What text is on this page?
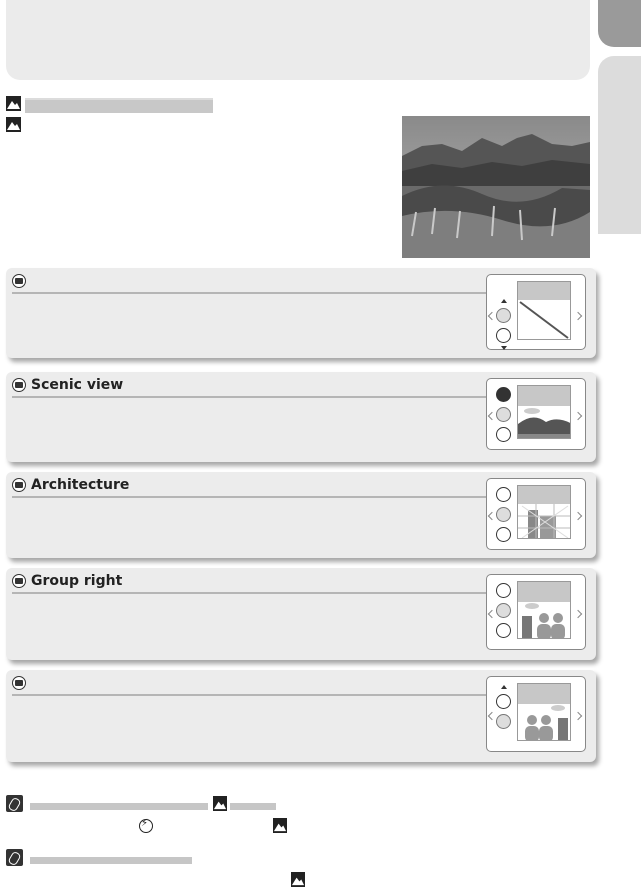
Scenic view
Architecture
Group right
⚡
